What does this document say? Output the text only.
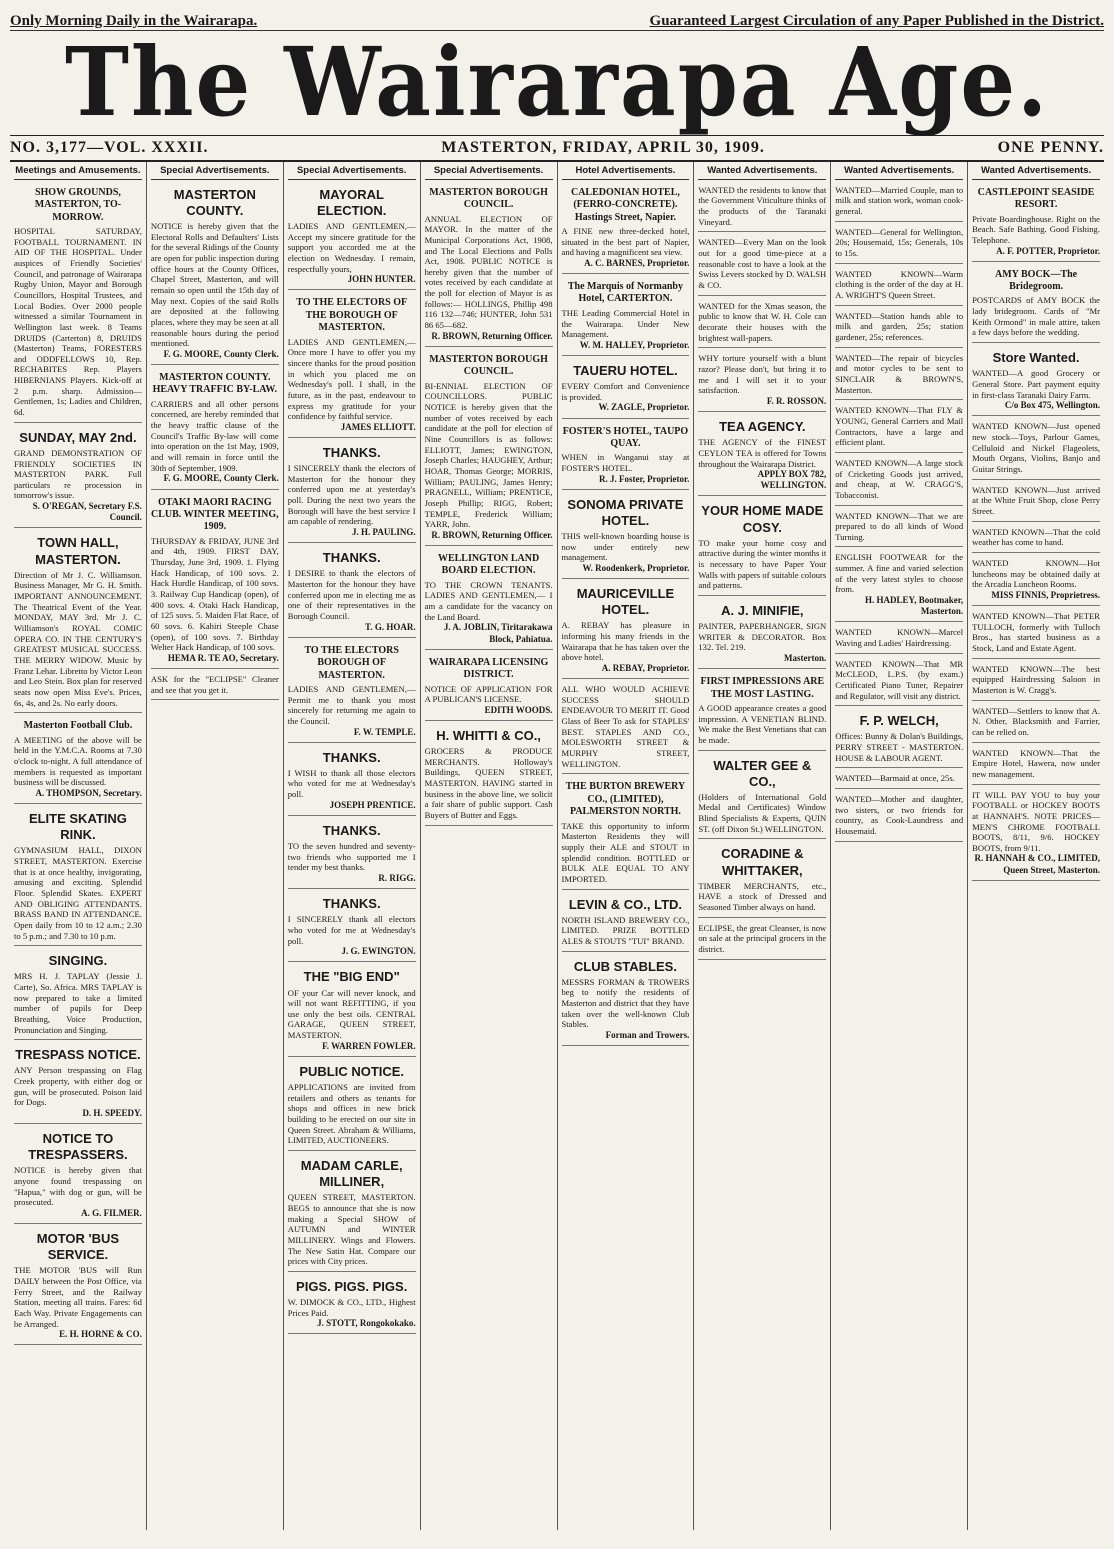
Only Morning Daily in the Wairarapa.	Guaranteed Largest Circulation of any Paper Published in the District.
The Wairarapa Age.
NO. 3,177—VOL. XXXII.	MASTERTON, FRIDAY, APRIL 30, 1909.	ONE PENNY.
Meetings and Amusements.
SHOW GROUNDS, MASTERTON, TO-MORROW.
HOSPITAL SATURDAY, FOOTBALL TOURNAMENT. IN AID OF THE HOSPITAL. Under auspices of Friendly Societies' Council, and patronage of Wairarapa Rugby Union, Mayor and Borough Councillors, Hospital Trustees, and Local Bodies. Over 2000 people witnessed a similar Tournament in Wellington last week. 8 Teams DRUIDS (Carterton) 8, DRUIDS (Masterton) Teams, FORESTERS and ODDFELLOWS 10, Rep. RECHABITES Rep. Players HIBERNIANS Players. Kick-off at 2 p.m. sharp. Admission—Gentlemen, 1s; Ladies and Children, 6d.
SUNDAY, MAY 2nd.
GRAND DEMONSTRATION OF FRIENDLY SOCIETIES IN MASTERTON PARK. Full particulars re procession in tomorrow's issue.
S. O'REGAN, Secretary F.S. Council.
TOWN HALL, MASTERTON.
Direction of Mr J. C. Williamson. Business Manager, Mr G. H. Smith. IMPORTANT ANNOUNCEMENT. The Theatrical Event of the Year. MONDAY, MAY 3rd. Mr J. C. Williamson's ROYAL COMIC OPERA CO. IN THE CENTURY'S GREATEST MUSICAL SUCCESS. THE MERRY WIDOW. Music by Franz Lehar. Libretto by Victor Leon and Leo Stein. Box plan for reserved seats now open Miss Eve's. Prices, 6s, 4s, and 2s. No early doors.
Masterton Football Club.
A MEETING of the above will be held in the Y.M.C.A. Rooms at 7.30 o'clock to-night. A full attendance of members is requested as important business will be discussed.
A. THOMPSON, Secretary.
ELITE SKATING RINK.
GYMNASIUM HALL, DIXON STREET, MASTERTON. Exercise that is at once healthy, invigorating, amusing and exciting. Splendid Floor. Splendid Skates. EXPERT AND OBLIGING ATTENDANTS. BRASS BAND IN ATTENDANCE. Open daily from 10 to 12 a.m.; 2.30 to 5 p.m.; and 7.30 to 10 p.m.
SINGING.
MRS H. J. TAPLAY (Jessie J. Carte), So. Africa. MRS TAPLAY is now prepared to take a limited number of pupils for Deep Breathing, Voice Production, Pronunciation and Singing.
TRESPASS NOTICE.
ANY Person trespassing on Flag Creek property, with either dog or gun, will be prosecuted. Poison laid for Dogs.
D. H. SPEEDY.
NOTICE TO TRESPASSERS.
NOTICE is hereby given that anyone found trespassing on "Hapua," with dog or gun, will be prosecuted.
A. G. FILMER.
MOTOR 'BUS SERVICE.
THE MOTOR 'BUS will Run DAILY between the Post Office, via Ferry Street, and the Railway Station, meeting all trains. Fares: 6d Each Way. Private Engagements can be Arranged.
E. H. HORNE & CO.
Special Advertisements.
MASTERTON COUNTY.
NOTICE is hereby given that the Electoral Rolls and Defaulters' Lists for the several Ridings of the County are open for public inspection during office hours at the County Offices, Chapel Street, Masterton, and will remain so open until the 15th day of May next. Copies of the said Rolls are deposited at the following places, where they may be seen at all reasonable hours during the period mentioned.
F. G. MOORE, County Clerk.
MASTERTON COUNTY. HEAVY TRAFFIC BY-LAW.
CARRIERS and all other persons concerned, are hereby reminded that the heavy traffic clause of the Council's Traffic By-law will come into operation on the 1st May, 1909, and will remain in force until the 30th of September, 1909.
F. G. MOORE, County Clerk.
OTAKI MAORI RACING CLUB. WINTER MEETING, 1909.
THURSDAY & FRIDAY, JUNE 3rd and 4th, 1909. FIRST DAY, Thursday, June 3rd, 1909. 1. Flying Hack Handicap, of 100 sovs. 2. Hack Hurdle Handicap, of 100 sovs. 3. Railway Cup Handicap (open), of 400 sovs. 4. Otaki Hack Handicap, of 125 sovs. 5. Maiden Flat Race, of 60 sovs. 6. Kahiri Steeple Chase (open), of 100 sovs. 7. Birthday Welter Hack Handicap, of 100 sovs.
HEMA R. TE AO, Secretary.
ASK for the "ECLIPSE" Cleaner and see that you get it.
Special Advertisements.
MAYORAL ELECTION.
LADIES AND GENTLEMEN,— Accept my sincere gratitude for the support you accorded me at the election on Wednesday. I remain, respectfully yours,
JOHN HUNTER.
TO THE ELECTORS OF THE BOROUGH OF MASTERTON.
LADIES AND GENTLEMEN,— Once more I have to offer you my sincere thanks for the proud position in which you placed me on Wednesday's poll. I shall, in the future, as in the past, endeavour to express my gratitude for your confidence by faithful service.
JAMES ELLIOTT.
THANKS.
I SINCERELY thank the electors of Masterton for the honour they conferred upon me at yesterday's poll. During the next two years the Borough will have the best service I am capable of rendering.
J. H. PAULING.
THANKS.
I DESIRE to thank the electors of Masterton for the honour they have conferred upon me in electing me as one of their representatives in the Borough Council.
T. G. HOAR.
TO THE ELECTORS BOROUGH OF MASTERTON.
LADIES AND GENTLEMEN,— Permit me to thank you most sincerely for returning me again to the Council.
F. W. TEMPLE.
THANKS.
I WISH to thank all those electors who voted for me at Wednesday's poll.
JOSEPH PRENTICE.
THANKS.
TO the seven hundred and seventy-two friends who supported me I tender my best thanks.
R. RIGG.
THANKS.
I SINCERELY thank all electors who voted for me at Wednesday's poll.
J. G. EWINGTON.
THE "BIG END"
OF your Car will never knock, and will not want REFITTING, if you use only the best oils. CENTRAL GARAGE, QUEEN STREET, MASTERTON.
F. WARREN FOWLER.
PUBLIC NOTICE.
APPLICATIONS are invited from retailers and others as tenants for shops and offices in new brick building to be erected on our site in Queen Street. Abraham & Williams, LIMITED, AUCTIONEERS.
MADAM CARLE, MILLINER,
QUEEN STREET, MASTERTON. BEGS to announce that she is now making a Special SHOW of AUTUMN and WINTER MILLINERY. Wings and Flowers. The New Satin Hat. Compare our prices with City prices.
PIGS. PIGS. PIGS.
W. DIMOCK & CO., LTD., Highest Prices Paid.
J. STOTT, Rongokokako.
Special Advertisements.
MASTERTON BOROUGH COUNCIL.
ANNUAL ELECTION OF MAYOR. In the matter of the Municipal Corporations Act, 1908, and The Local Elections and Polls Act, 1908. PUBLIC NOTICE is hereby given that the number of votes received by each candidate at the poll for election of Mayor is as follows:— HOLLINGS, Phillip 498 116 132—746; HUNTER, John 531 86 65—682.
R. BROWN, Returning Officer.
MASTERTON BOROUGH COUNCIL.
BI-ENNIAL ELECTION OF COUNCILLORS. PUBLIC NOTICE is hereby given that the number of votes received by each candidate at the poll for election of Nine Councillors is as follows: ELLIOTT, James; EWINGTON, Joseph Charles; HAUGHEY, Arthur; HOAR, Thomas George; MORRIS, William; PAULING, James Henry; PRAGNELL, William; PRENTICE, Joseph Phillip; RIGG, Robert; TEMPLE, Frederick William; YARR, John.
R. BROWN, Returning Officer.
WELLINGTON LAND BOARD ELECTION.
TO THE CROWN TENANTS. LADIES AND GENTLEMEN,— I am a candidate for the vacancy on the Land Board.
J. A. JOBLIN, Tiritarakawa Block, Pahiatua.
WAIRARAPA LICENSING DISTRICT.
NOTICE OF APPLICATION FOR A PUBLICAN'S LICENSE.
EDITH WOODS.
H. WHITTI & CO.,
GROCERS & PRODUCE MERCHANTS. Holloway's Buildings, QUEEN STREET, MASTERTON. HAVING started in business in the above line, we solicit a fair share of public support. Cash Buyers of Butter and Eggs.
Hotel Advertisements.
CALEDONIAN HOTEL, (FERRO-CONCRETE). Hastings Street, Napier.
A FINE new three-decked hotel, situated in the best part of Napier, and having a magnificent sea view.
A. C. BARNES, Proprietor.
The Marquis of Normanby Hotel, CARTERTON.
THE Leading Commercial Hotel in the Wairarapa. Under New Management.
W. M. HALLEY, Proprietor.
TAUERU HOTEL.
EVERY Comfort and Convenience is provided.
W. ZAGLE, Proprietor.
FOSTER'S HOTEL, TAUPO QUAY.
WHEN in Wanganui stay at FOSTER'S HOTEL.
R. J. Foster, Proprietor.
SONOMA PRIVATE HOTEL.
THIS well-known boarding house is now under entirely new management.
W. Roodenkerk, Proprietor.
MAURICEVILLE HOTEL.
A. REBAY has pleasure in informing his many friends in the Wairarapa that he has taken over the above hotel.
A. REBAY, Proprietor.
ALL WHO WOULD ACHIEVE SUCCESS SHOULD ENDEAVOUR TO MERIT IT. Good Glass of Beer To ask for STAPLES' BEST. STAPLES AND CO., MOLESWORTH STREET & MURPHY STREET, WELLINGTON.
THE BURTON BREWERY CO., (LIMITED), PALMERSTON NORTH.
TAKE this opportunity to inform Masterton Residents they will supply their ALE and STOUT in splendid condition. BOTTLED or BULK ALE EQUAL TO ANY IMPORTED.
LEVIN & CO., LTD.
NORTH ISLAND BREWERY CO., LIMITED. PRIZE BOTTLED ALES & STOUTS "TUI" BRAND.
CLUB STABLES.
MESSRS FORMAN & TROWERS beg to notify the residents of Masterton and district that they have taken over the well-known Club Stables.
Forman and Trowers.
Wanted Advertisements.
WANTED the residents to know that the Government Viticulture thinks of the products of the Taranaki Vineyard.
WANTED—Every Man on the look out for a good time-piece at a reasonable cost to have a look at the Swiss Levers stocked by D. WALSH & CO.
WANTED for the Xmas season, the public to know that W. H. Cole can decorate their houses with the brightest wall-papers.
WHY torture yourself with a blunt razor? Please don't, but bring it to me and I will set it to your satisfaction.
F. R. ROSSON.
TEA AGENCY.
THE AGENCY of the FINEST CEYLON TEA is offered for Towns throughout the Wairarapa District.
APPLY BOX 782, WELLINGTON.
YOUR HOME MADE COSY.
TO make your home cosy and attractive during the winter months it is necessary to have Paper Your Walls with papers of suitable colours and patterns.
A. J. MINIFIE,
PAINTER, PAPERHANGER, SIGN WRITER & DECORATOR. Box 132. Tel. 219.
Masterton.
FIRST IMPRESSIONS ARE THE MOST LASTING.
A GOOD appearance creates a good impression. A VENETIAN BLIND. We make the Best Venetians that can be made.
WALTER GEE & CO.,
(Holders of International Gold Medal and Certificates) Window Blind Specialists & Experts, QUIN ST. (off Dixon St.) WELLINGTON.
CORADINE & WHITTAKER,
TIMBER MERCHANTS, etc., HAVE a stock of Dressed and Seasoned Timber always on hand.
ECLIPSE, the great Cleanser, is now on sale at the principal grocers in the district.
Wanted Advertisements.
WANTED—Married Couple, man to milk and station work, woman cook-general.
WANTED—General for Wellington, 20s; Housemaid, 15s; Generals, 10s to 15s.
WANTED KNOWN—Warm clothing is the order of the day at H. A. WRIGHT'S Queen Street.
WANTED—Station hands able to milk and garden, 25s; station gardener, 25s; references.
WANTED—The repair of bicycles and motor cycles to be sent to SINCLAIR & BROWN'S, Masterton.
WANTED KNOWN—That FLY & YOUNG, General Carriers and Mail Contractors, have a large and efficient plant.
WANTED KNOWN—A large stock of Cricketing Goods just arrived, and cheap, at W. CRAGG'S, Tobacconist.
WANTED KNOWN—That we are prepared to do all kinds of Wood Turning.
ENGLISH FOOTWEAR for the summer. A fine and varied selection of the very latest styles to choose from.
H. HADLEY, Bootmaker, Masterton.
WANTED KNOWN—Marcel Waving and Ladies' Hairdressing.
WANTED KNOWN—That MR McCLEOD, L.P.S. (by exam.) Certificated Piano Tuner, Repairer and Regulator, will visit any district.
F. P. WELCH,
Offices: Bunny & Dolan's Buildings, PERRY STREET - MASTERTON. HOUSE & LABOUR AGENT.
WANTED—Barmaid at once, 25s.
WANTED—Mother and daughter, two sisters, or two friends for country, as Cook-Laundress and Housemaid.
Wanted Advertisements.
CASTLEPOINT SEASIDE RESORT.
Private Boardinghouse. Right on the Beach. Safe Bathing. Good Fishing. Telephone.
A. F. POTTER, Proprietor.
AMY BOCK—The Bridegroom.
POSTCARDS of AMY BOCK the lady bridegroom. Cards of "Mr Keith Ormond" in male attire, taken a few days before the wedding.
Store Wanted.
WANTED—A good Grocery or General Store. Part payment equity in first-class Taranaki Dairy Farm.
C/o Box 475, Wellington.
WANTED KNOWN—Just opened new stock—Toys, Parlour Games, Celluloid and Nickel Flageolets, Mouth Organs, Violins, Banjo and Guitar Strings.
WANTED KNOWN—Just arrived at the White Fruit Shop, close Perry Street.
WANTED KNOWN—That the cold weather has come to hand.
WANTED KNOWN—Hot luncheons may be obtained daily at the Arcadia Luncheon Rooms.
MISS FINNIS, Proprietress.
WANTED KNOWN—That PETER TULLOCH, formerly with Tulloch Bros., has started business as a Stock, Land and Estate Agent.
WANTED KNOWN—The best equipped Hairdressing Saloon in Masterton is W. Cragg's.
WANTED—Settlers to know that A. N. Other, Blacksmith and Farrier, can be relied on.
WANTED KNOWN—That the Empire Hotel, Hawera, now under new management.
IT WILL PAY YOU to buy your FOOTBALL or HOCKEY BOOTS at HANNAH'S. NOTE PRICES— MEN'S CHROME FOOTBALL BOOTS, 8/11, 9/6. HOCKEY BOOTS, from 9/11.
R. HANNAH & CO., LIMITED, Queen Street, Masterton.
